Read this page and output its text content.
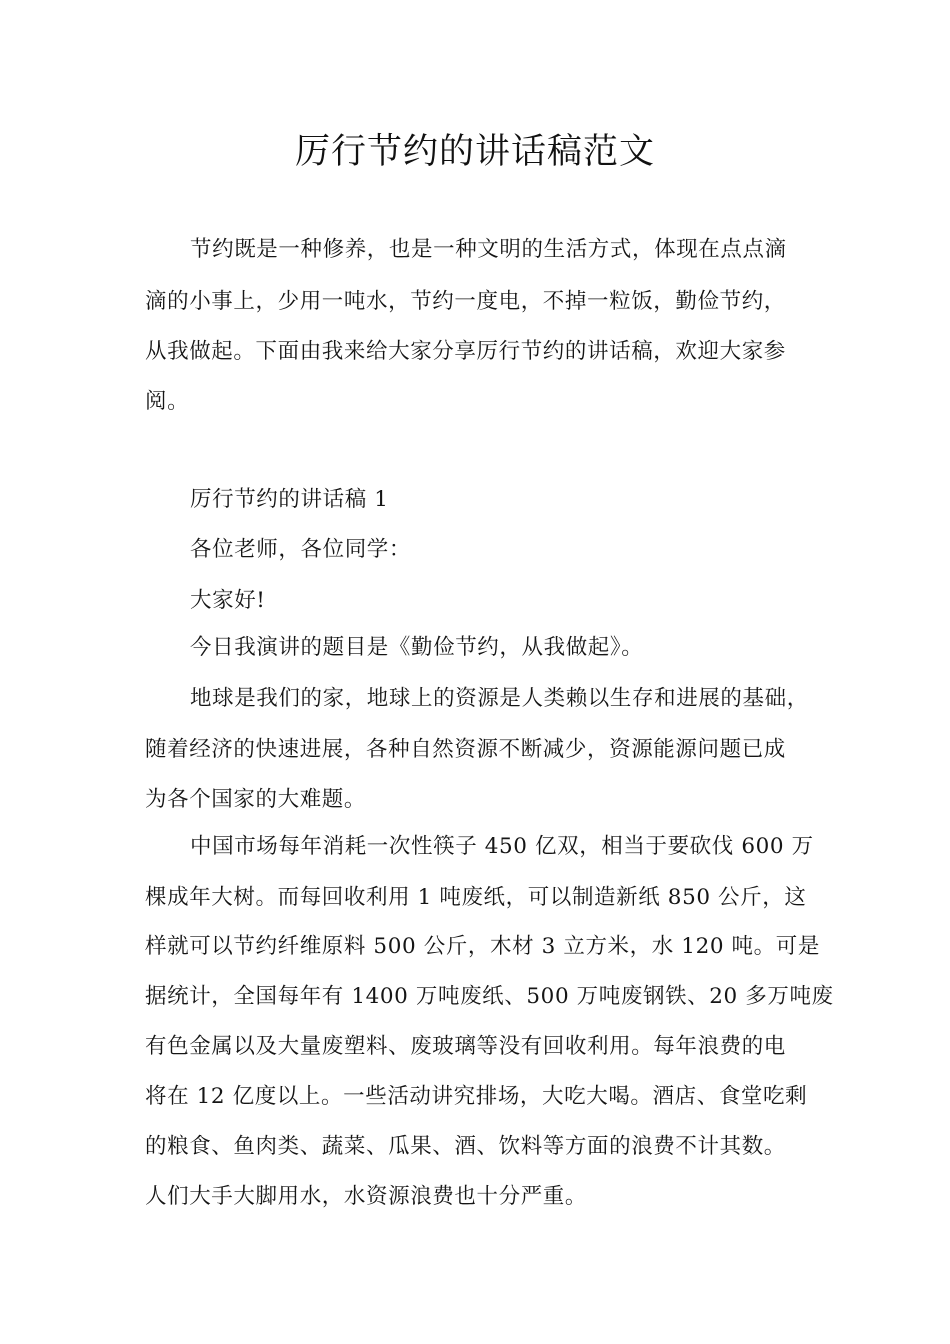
厉行节约的讲话稿范文

节约既是一种修养，也是一种文明的生活方式，体现在点点滴

滴的小事上，少用一吨水，节约一度电，不掉一粒饭，勤俭节约，

从我做起。下面由我来给大家分享厉行节约的讲话稿，欢迎大家参

阅。

厉行节约的讲话稿 1

各位老师，各位同学：

大家好!

今日我演讲的题目是《勤俭节约，从我做起》。

地球是我们的家，地球上的资源是人类赖以生存和进展的基础，

随着经济的快速进展，各种自然资源不断减少，资源能源问题已成

为各个国家的大难题。

中国市场每年消耗一次性筷子 450 亿双，相当于要砍伐 600 万

棵成年大树。而每回收利用 1 吨废纸，可以制造新纸 850 公斤，这

样就可以节约纤维原料 500 公斤，木材 3 立方米，水 120 吨。可是

据统计，全国每年有 1400 万吨废纸、500 万吨废钢铁、20 多万吨废

有色金属以及大量废塑料、废玻璃等没有回收利用。每年浪费的电

将在 12 亿度以上。一些活动讲究排场，大吃大喝。酒店、食堂吃剩

的粮食、鱼肉类、蔬菜、瓜果、酒、饮料等方面的浪费不计其数。

人们大手大脚用水，水资源浪费也十分严重。
